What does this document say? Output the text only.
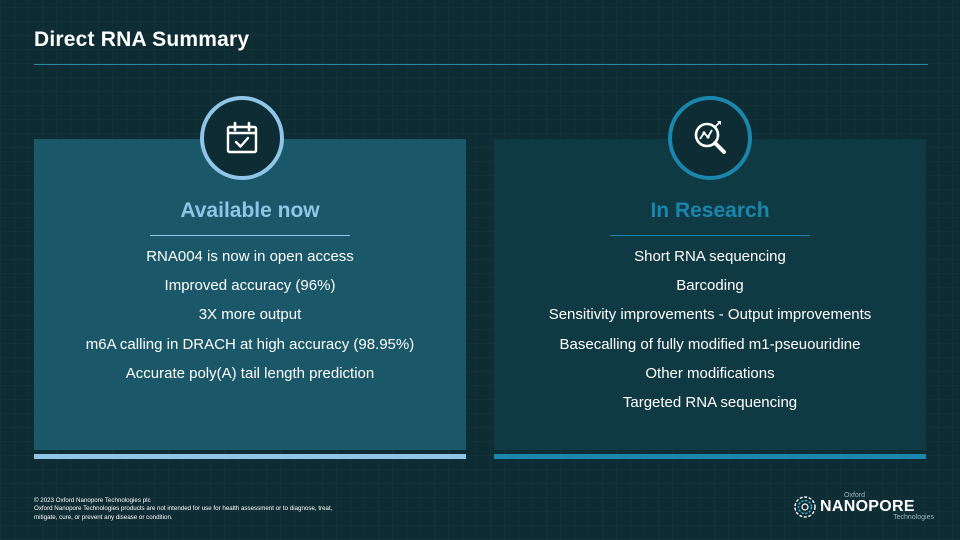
Direct RNA Summary
Available now
RNA004 is now in open access
Improved accuracy (96%)
3X more output
m6A calling in DRACH at high accuracy (98.95%)
Accurate poly(A) tail length prediction
In Research
Short RNA sequencing
Barcoding
Sensitivity improvements - Output improvements
Basecalling of fully modified m1-pseuouridine
Other modifications
Targeted RNA sequencing
© 2023 Oxford Nanopore Technologies plc
Oxford Nanopore Technologies products are not intended for use for health assessment or to diagnose, treat, mitigate, cure, or prevent any disease or condition.
Oxford
NANOPORE
Technologies
